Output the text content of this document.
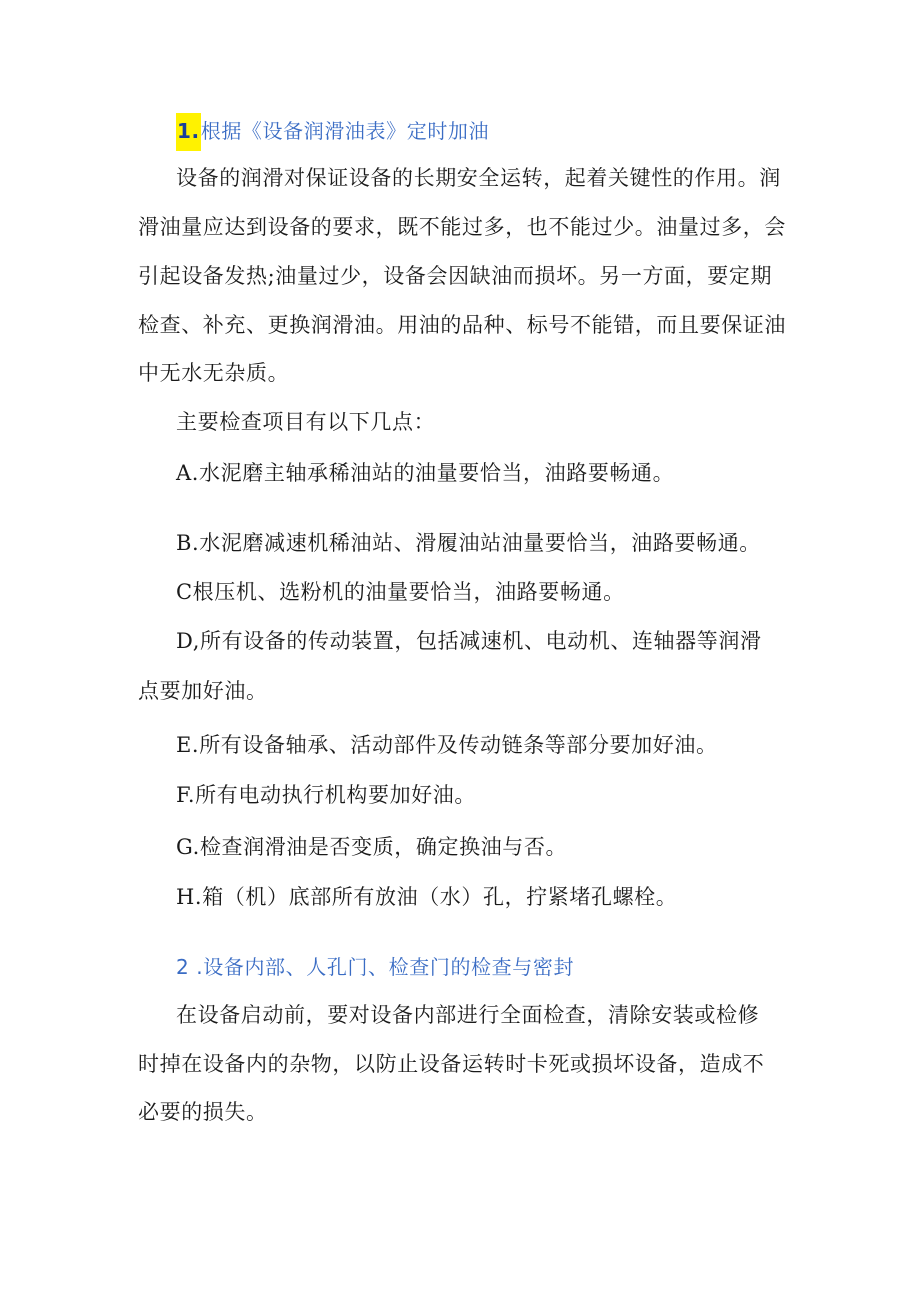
1.根据《设备润滑油表》定时加油
设备的润滑对保证设备的长期安全运转，起着关键性的作用。润
滑油量应达到设备的要求，既不能过多，也不能过少。油量过多，会
引起设备发热;油量过少，设备会因缺油而损坏。另一方面，要定期
检查、补充、更换润滑油。用油的品种、标号不能错，而且要保证油
中无水无杂质。
主要检查项目有以下几点：
A.水泥磨主轴承稀油站的油量要恰当，油路要畅通。
B.水泥磨减速机稀油站、滑履油站油量要恰当，油路要畅通。
C根压机、选粉机的油量要恰当，油路要畅通。
D,所有设备的传动装置，包括减速机、电动机、连轴器等润滑
点要加好油。
E.所有设备轴承、活动部件及传动链条等部分要加好油。
F.所有电动执行机构要加好油。
G.检查润滑油是否变质，确定换油与否。
H.箱（机）底部所有放油（水）孔，拧紧堵孔螺栓。
2 .设备内部、人孔门、检查门的检查与密封
在设备启动前，要对设备内部进行全面检查，清除安装或检修
时掉在设备内的杂物，以防止设备运转时卡死或损坏设备，造成不
必要的损失。
